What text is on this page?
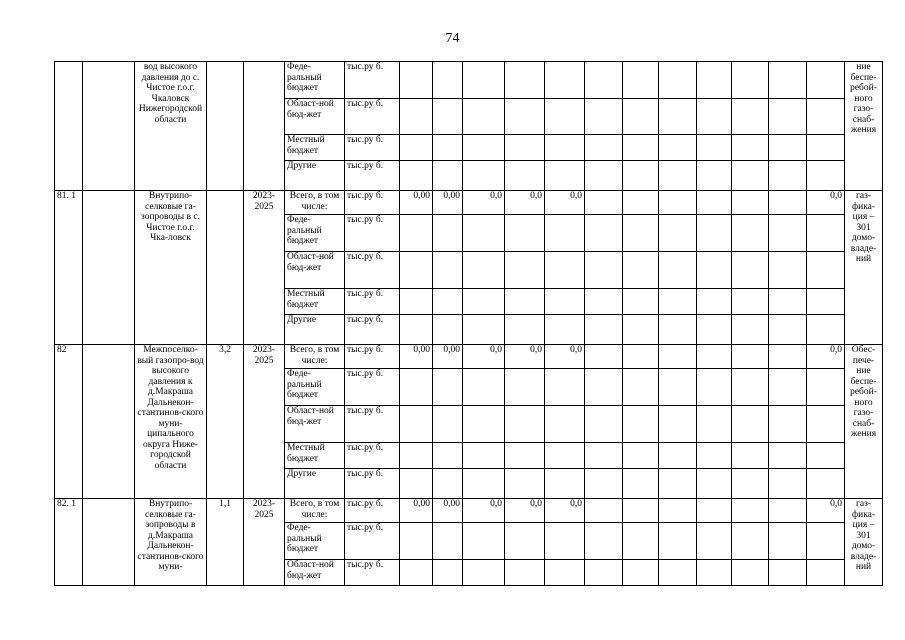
74
		вод высокого давления до с. Чистое г.о.г. Чкаловск Нижегородской области			Феде-ральный бюджет	тыс.ру б.													ние беспе-ребой-ного газо-снаб-жения
					Област-ной бюд-жет	тыс.ру б.													
					Местный бюджет	тыс.ру б.													
					Другие	тыс.ру б.													
81. 1		Внутрипо-селковые га-зопроводы в с. Чистое г.о.г. Чка-ловск		2023-2025	Всего, в том числе:	тыс.ру б.	0,00	0,00	0,0	0,0	0,0							0,0	газ-фика-ция – 301 домо-владе-ний
					Феде-ральный бюджет	тыс.ру б.													
					Област-ной бюд-жет	тыс.ру б.													
					Местный бюджет	тыс.ру б.													
					Другие	тыс.ру б.													
82		Межпоселко-вый газопро-вод высокого давления к д.Макраша Дальнекон-стантинов-ского муни-ципального округа Ниже-городской области	3,2	2023-2025	Всего, в том числе:	тыс.ру б.	0,00	0,00	0,0	0,0	0,0							0,0	Обес-пече-ние беспе-ребой-ного газо-снаб-жения
					Феде-ральный бюджет	тыс.ру б.													
					Област-ной бюд-жет	тыс.ру б.													
					Местный бюджет	тыс.ру б.													
					Другие	тыс.ру б.													
82. 1		Внутрипо-селковые га-зопроводы в д.Макраша Дальнекон-стантинов-ского муни-	1,1	2023-2025	Всего, в том числе:	тыс.ру б.	0,00	0,00	0,0	0,0	0,0							0,0	газ-фика-ция – 301 домо-владе-ний
					Феде-ральный бюджет	тыс.ру б.													
					Област-ной бюд-жет	тыс.ру б.													
